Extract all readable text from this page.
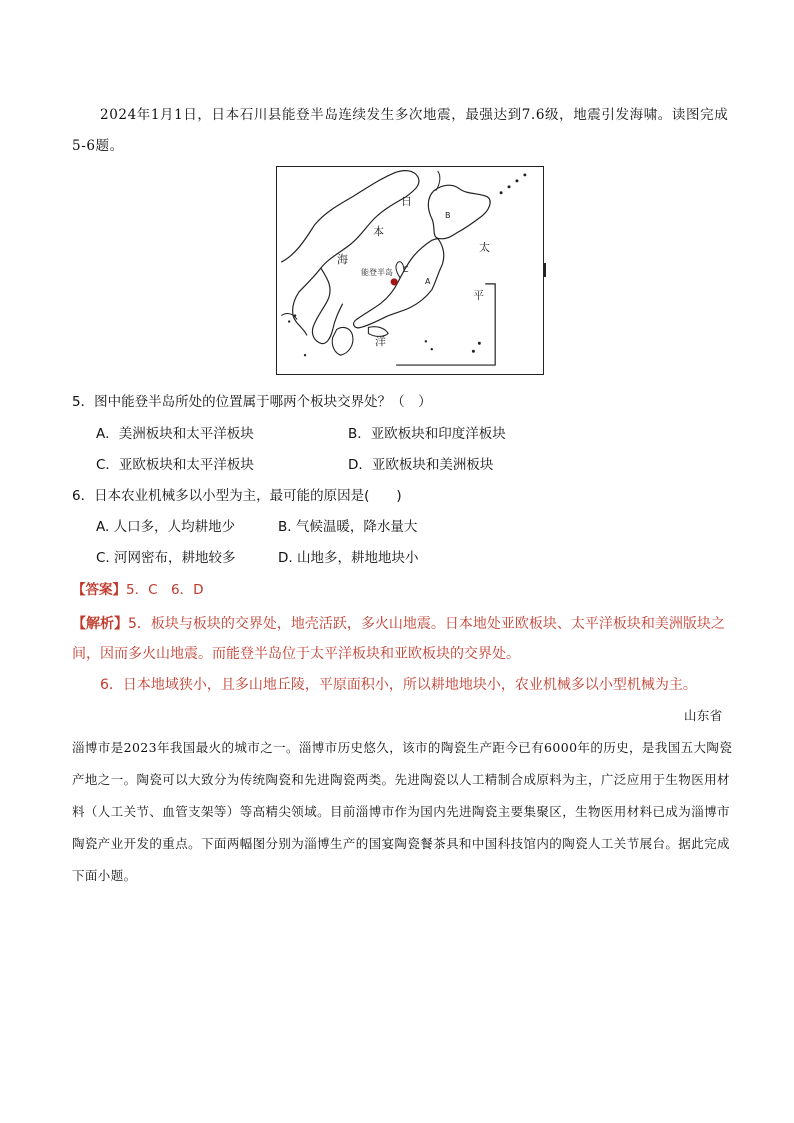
2024年1月1日，日本石川县能登半岛连续发生多次地震，最强达到7.6级，地震引发海啸。读图完成5-6题。
日
本
海
太
平
洋
B
A
C
能登半岛
5．图中能登半岛所处的位置属于哪两个板块交界处？（　）
A．美洲板块和太平洋板块	B．亚欧板块和印度洋板块
C．亚欧板块和太平洋板块	D．亚欧板块和美洲板块
6．日本农业机械多以小型为主，最可能的原因是(　　)
A. 人口多，人均耕地少	B. 气候温暖，降水量大
C. 河网密布，耕地较多	D. 山地多，耕地地块小
【答案】5．C　6．D
【解析】5．板块与板块的交界处，地壳活跃，多火山地震。日本地处亚欧板块、太平洋板块和美洲版块之间，因而多火山地震。而能登半岛位于太平洋板块和亚欧板块的交界处。
6．日本地域狭小，且多山地丘陵，平原面积小，所以耕地地块小，农业机械多以小型机械为主。
山东省淄博市是2023年我国最火的城市之一。淄博市历史悠久，该市的陶瓷生产距今已有6000年的历史，是我国五大陶瓷产地之一。陶瓷可以大致分为传统陶瓷和先进陶瓷两类。先进陶瓷以人工精制合成原料为主，广泛应用于生物医用材料（人工关节、血管支架等）等高精尖领域。目前淄博市作为国内先进陶瓷主要集聚区，生物医用材料已成为淄博市陶瓷产业开发的重点。下面两幅图分别为淄博生产的国宴陶瓷餐茶具和中国科技馆内的陶瓷人工关节展台。据此完成下面小题。
